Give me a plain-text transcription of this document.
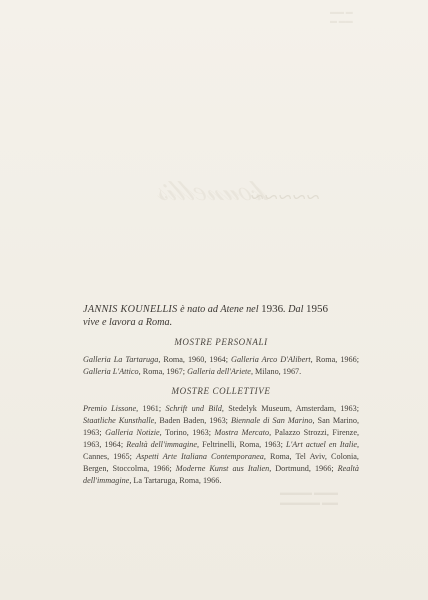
▬ ▬▬
▬▬ ▬
𝓀𝑜𝓊𝓃𝑒𝓁𝓁𝒾𝓈
~~~~~
▬▬▬ ▬▬▬▬
▬▬ ▬▬▬▬▬

JANNIS KOUNELLIS è nato ad Atene nel 1936. Dal 1956
vive e lavora a Roma.

MOSTRE PERSONALI

Galleria La Tartaruga, Roma, 1960, 1964; Galleria Arco D'Alibert, Roma, 1966; Galleria L'Attico, Roma, 1967; Galleria dell'Ariete, Milano, 1967.

MOSTRE COLLETTIVE

Premio Lissone, 1961; Schrift und Bild, Stedelyk Museum, Amsterdam, 1963; Staatliche Kunsthalle, Baden Baden, 1963; Biennale di San Marino, San Marino, 1963; Galleria Notizie, Torino, 1963; Mostra Mercato, Palazzo Strozzi, Firenze, 1963, 1964; Realtà dell'immagine, Feltrinelli, Roma, 1963; L'Art actuel en Italie, Cannes, 1965; Aspetti Arte Italiana Contemporanea, Roma, Tel Aviv, Colonia, Bergen, Stoccolma, 1966; Moderne Kunst aus Italien, Dortmund, 1966; Realtà dell'immagine, La Tartaruga, Roma, 1966.
